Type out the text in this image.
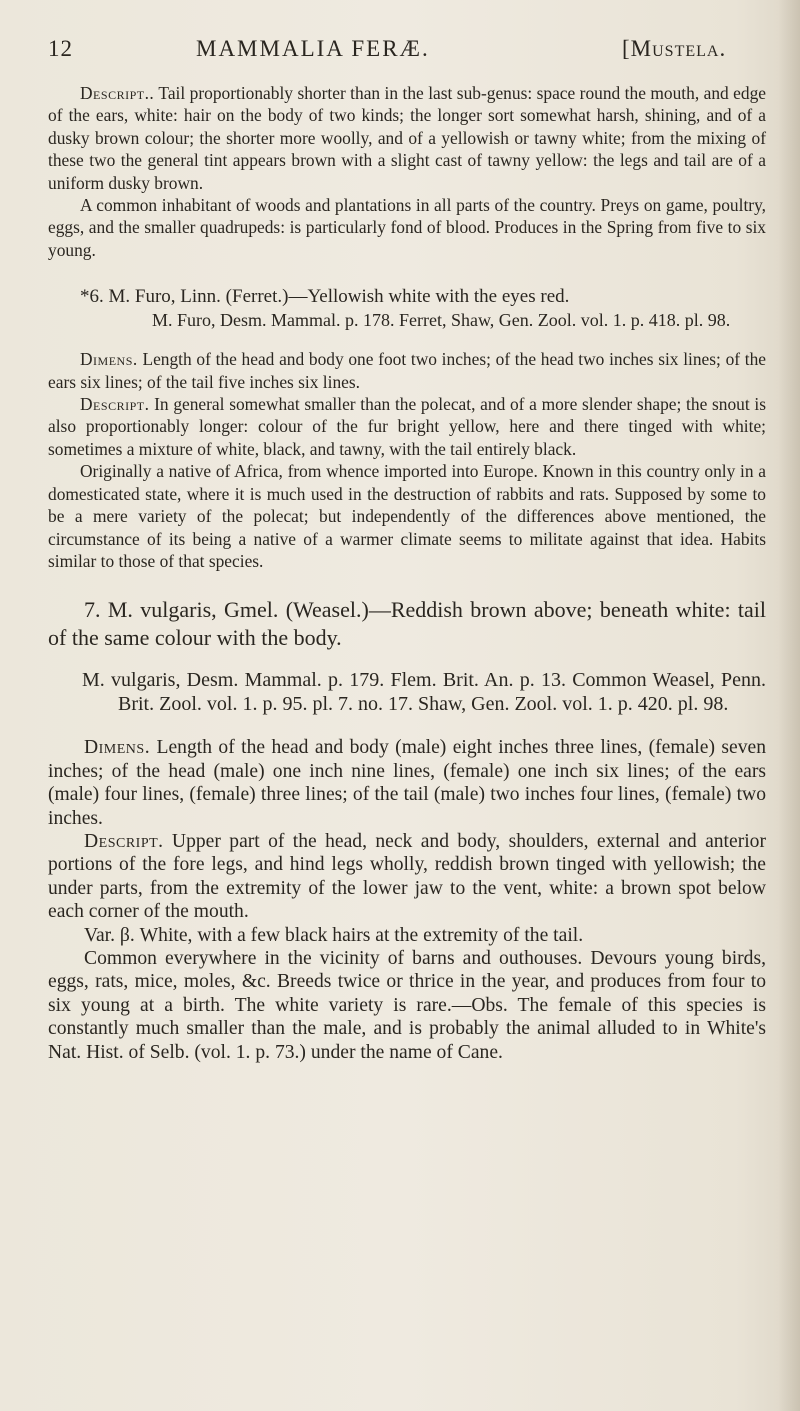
12	MAMMALIA FERÆ.	[Mustela.

Descript.. Tail proportionably shorter than in the last sub-genus: space round the mouth, and edge of the ears, white: hair on the body of two kinds; the longer sort somewhat harsh, shining, and of a dusky brown colour; the shorter more woolly, and of a yellowish or tawny white; from the mixing of these two the general tint appears brown with a slight cast of tawny yellow: the legs and tail are of a uniform dusky brown.

A common inhabitant of woods and plantations in all parts of the country. Preys on game, poultry, eggs, and the smaller quadrupeds: is particularly fond of blood. Produces in the Spring from five to six young.

*6. M. Furo, Linn. (Ferret.)—Yellowish white with the eyes red.

M. Furo, Desm. Mammal. p. 178. Ferret, Shaw, Gen. Zool. vol. 1. p. 418. pl. 98.

Dimens. Length of the head and body one foot two inches; of the head two inches six lines; of the ears six lines; of the tail five inches six lines.

Descript. In general somewhat smaller than the polecat, and of a more slender shape; the snout is also proportionably longer: colour of the fur bright yellow, here and there tinged with white; sometimes a mixture of white, black, and tawny, with the tail entirely black.

Originally a native of Africa, from whence imported into Europe. Known in this country only in a domesticated state, where it is much used in the destruction of rabbits and rats. Supposed by some to be a mere variety of the polecat; but independently of the differences above mentioned, the circumstance of its being a native of a warmer climate seems to militate against that idea. Habits similar to those of that species.

7. M. vulgaris, Gmel. (Weasel.)—Reddish brown above; beneath white: tail of the same colour with the body.

M. vulgaris, Desm. Mammal. p. 179. Flem. Brit. An. p. 13. Common Weasel, Penn. Brit. Zool. vol. 1. p. 95. pl. 7. no. 17. Shaw, Gen. Zool. vol. 1. p. 420. pl. 98.

Dimens. Length of the head and body (male) eight inches three lines, (female) seven inches; of the head (male) one inch nine lines, (female) one inch six lines; of the ears (male) four lines, (female) three lines; of the tail (male) two inches four lines, (female) two inches.

Descript. Upper part of the head, neck and body, shoulders, external and anterior portions of the fore legs, and hind legs wholly, reddish brown tinged with yellowish; the under parts, from the extremity of the lower jaw to the vent, white: a brown spot below each corner of the mouth.

Var. β. White, with a few black hairs at the extremity of the tail.

Common everywhere in the vicinity of barns and outhouses. Devours young birds, eggs, rats, mice, moles, &c. Breeds twice or thrice in the year, and produces from four to six young at a birth. The white variety is rare.—Obs. The female of this species is constantly much smaller than the male, and is probably the animal alluded to in White's Nat. Hist. of Selb. (vol. 1. p. 73.) under the name of Cane.
